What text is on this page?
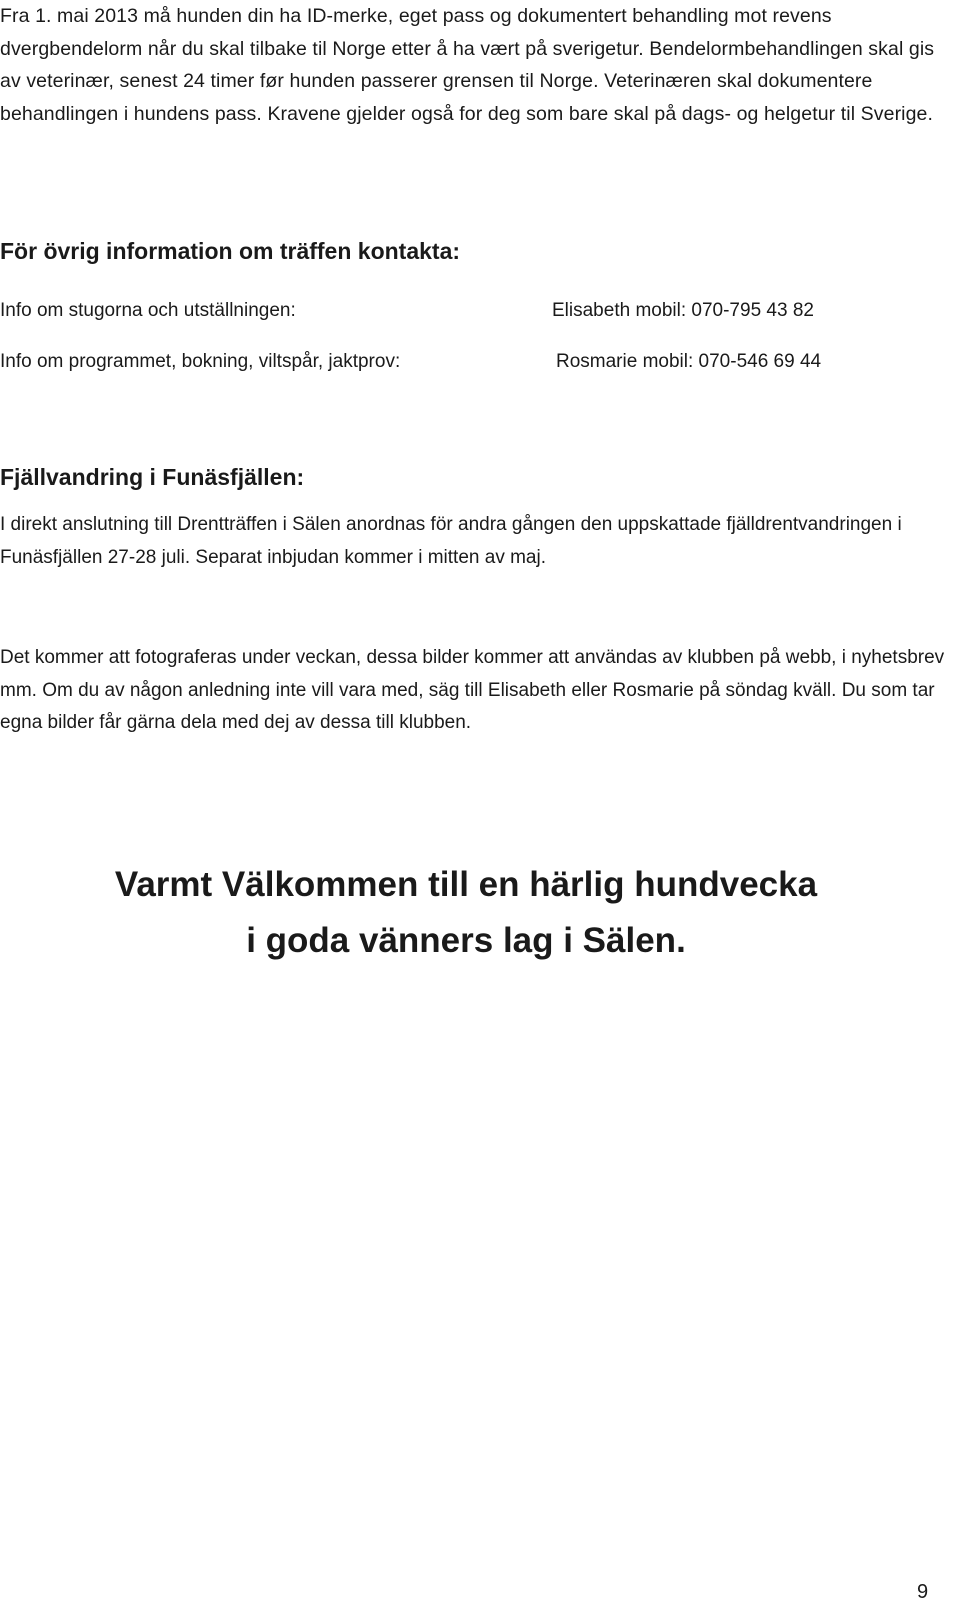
Fra 1. mai 2013 må hunden din ha ID-merke, eget pass og dokumentert behandling mot revens dvergbendelorm når du skal tilbake til Norge etter å ha vært på sverigetur. Bendelormbehandlingen skal gis av veterinær, senest 24 timer før hunden passerer grensen til Norge. Veterinæren skal dokumentere behandlingen i hundens pass. Kravene gjelder også for deg som bare skal på dags- og helgetur til Sverige.

För övrig information om träffen kontakta:
Info om stugorna och utställningen:	Elisabeth mobil: 070-795 43 82
Info om programmet, bokning, viltspår, jaktprov:	Rosmarie mobil: 070-546 69 44
Fjällvandring i Funäsfjällen:

I direkt anslutning till Drentträffen i Sälen anordnas för andra gången den uppskattade fjälldrentvandringen i Funäsfjällen 27-28 juli. Separat inbjudan kommer i mitten av maj.

Det kommer att fotograferas under veckan, dessa bilder kommer att användas av klubben på webb, i nyhetsbrev mm. Om du av någon anledning inte vill vara med, säg till Elisabeth eller Rosmarie på söndag kväll. Du som tar egna bilder får gärna dela med dej av dessa till klubben.

Varmt Välkommen till en härlig hundvecka
i goda vänners lag i Sälen.
9
